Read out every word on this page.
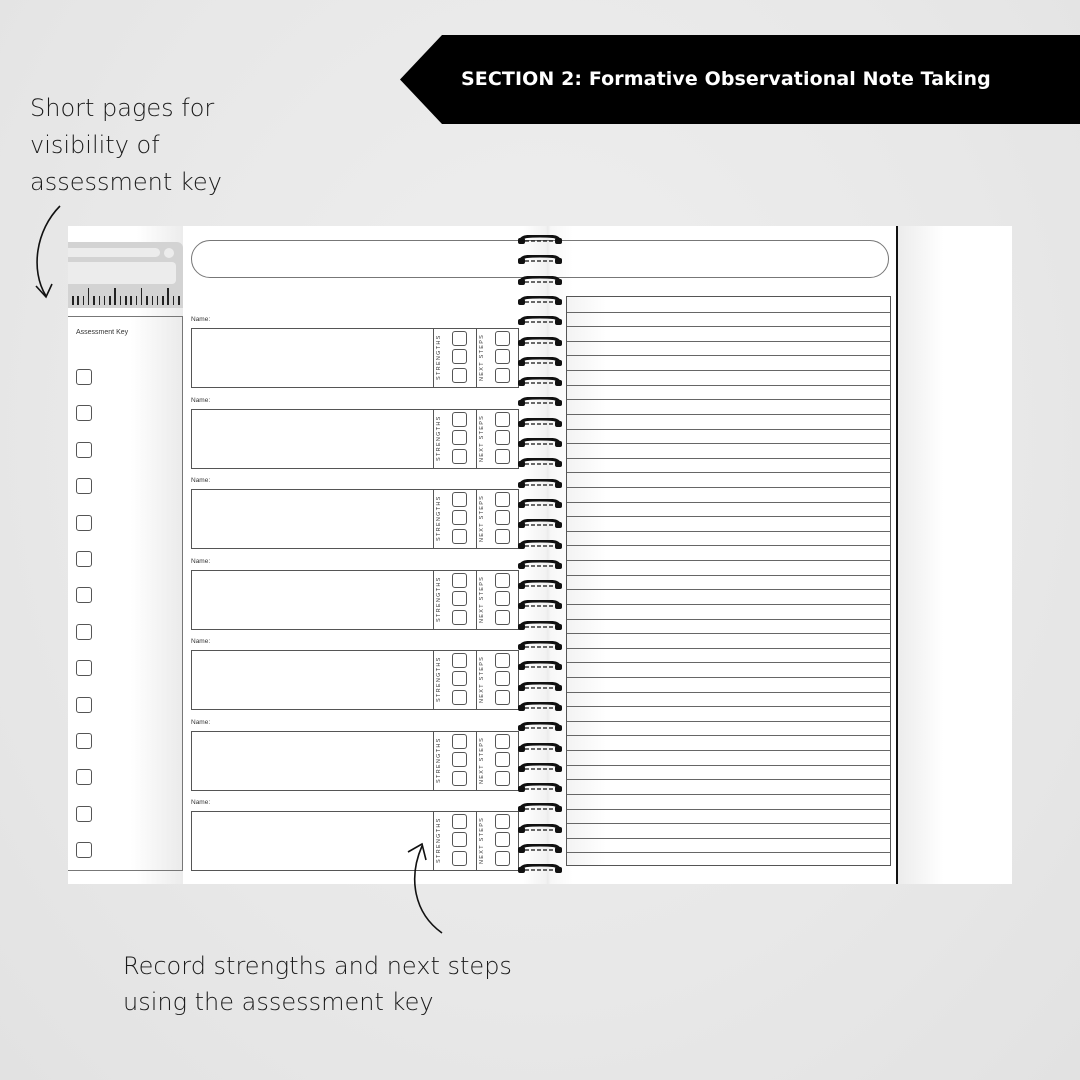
SECTION 2: Formative Observational Note Taking
Short pages for
visibility of
assessment key
Assessment Key
Name:
STRENGTHS	NEXT STEPS
Name:
STRENGTHS	NEXT STEPS
Name:
STRENGTHS	NEXT STEPS
Name:
STRENGTHS	NEXT STEPS
Name:
STRENGTHS	NEXT STEPS
Name:
STRENGTHS	NEXT STEPS
Name:
STRENGTHS	NEXT STEPS
Record strengths and next steps
using the assessment key
